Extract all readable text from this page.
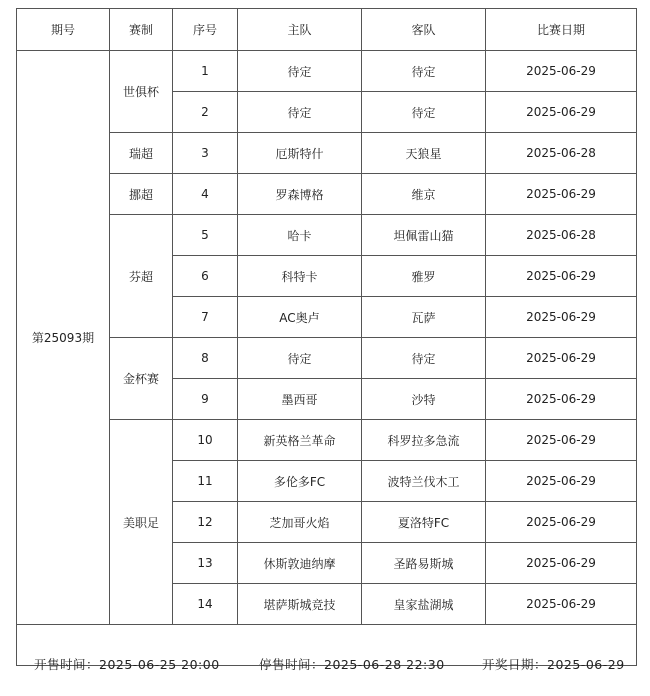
期号	赛制	序号	主队	客队	比赛日期
第25093期	世俱杯	1	待定	待定	2025-06-29
		2	待定	待定	2025-06-29
	瑞超	3	厄斯特什	天狼星	2025-06-28
	挪超	4	罗森博格	维京	2025-06-29
	芬超	5	哈卡	坦佩雷山猫	2025-06-28
		6	科特卡	雅罗	2025-06-29
		7	AC奥卢	瓦萨	2025-06-29
	金杯赛	8	待定	待定	2025-06-29
		9	墨西哥	沙特	2025-06-29
	美职足	10	新英格兰革命	科罗拉多急流	2025-06-29
		11	多伦多FC	波特兰伐木工	2025-06-29
		12	芝加哥火焰	夏洛特FC	2025-06-29
		13	休斯敦迪纳摩	圣路易斯城	2025-06-29
		14	堪萨斯城竞技	皇家盐湖城	2025-06-29

开售时间：2025-06-25 20:00	停售时间：2025-06-28 22:30	开奖日期：2025-06-29
